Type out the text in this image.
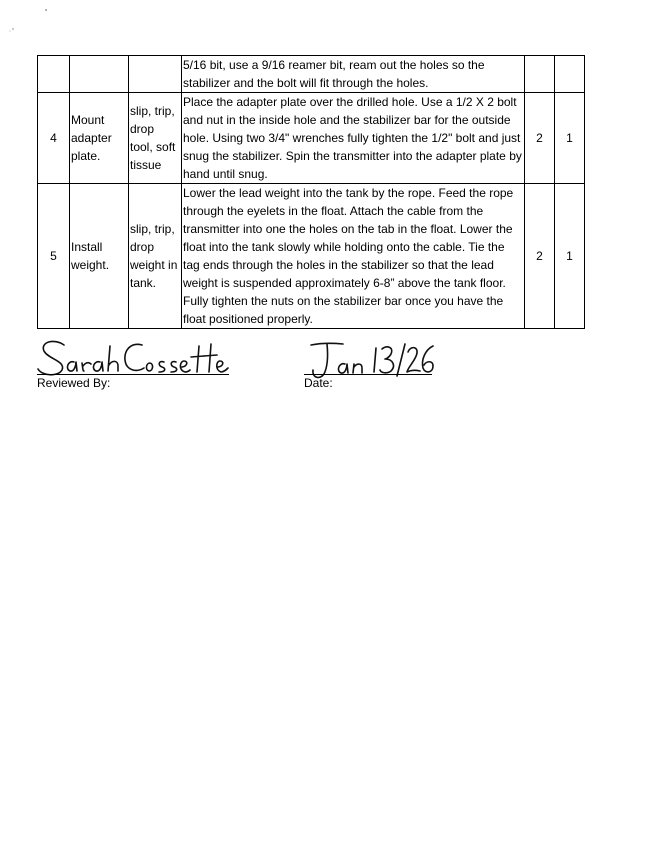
			5/16 bit, use a 9/16 reamer bit, ream out the holes so the stabilizer and the bolt will fit through the holes.		
4	Mount adapter plate.	slip, trip, drop tool, soft tissue	Place the adapter plate over the drilled hole. Use a 1/2 X 2 bolt and nut in the inside hole and the stabilizer bar for the outside hole. Using two 3/4" wrenches fully tighten the 1/2" bolt and just snug the stabilizer. Spin the transmitter into the adapter plate by hand until snug.	2	1
5	Install weight.	slip, trip, drop weight in tank.	Lower the lead weight into the tank by the rope. Feed the rope through the eyelets in the float. Attach the cable from the transmitter into one the holes on the tab in the float. Lower the float into the tank slowly while holding onto the cable. Tie the tag ends through the holes in the stabilizer so that the lead weight is suspended approximately 6-8” above the tank floor. Fully tighten the nuts on the stabilizer bar once you have the float positioned properly.	2	1
Reviewed By:	Date:
